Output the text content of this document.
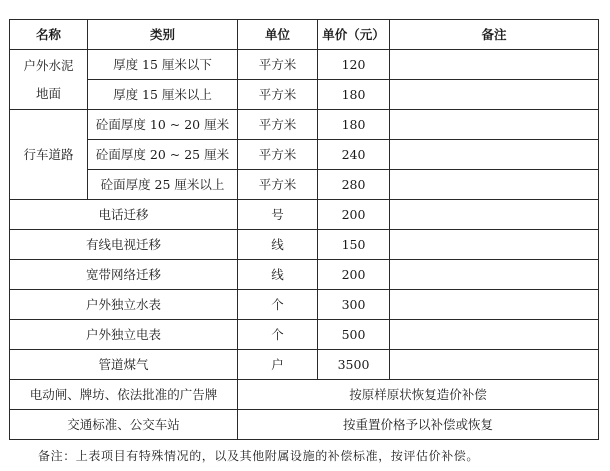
名称	类别	单位	单价（元）	备注
户外水泥地面	厚度 15 厘米以下	平方米	120	
	厚度 15 厘米以上	平方米	180	
行车道路	砼面厚度 10 ~ 20 厘米	平方米	180	
	砼面厚度 20 ~ 25 厘米	平方米	240	
	砼面厚度 25 厘米以上	平方米	280	
电话迁移		号	200	
有线电视迁移		线	150	
宽带网络迁移		线	200	
户外独立水表		个	300	
户外独立电表		个	500	
管道煤气		户	3500	
电动闸、牌坊、依法批准的广告牌		按原样原状恢复造价补偿		
交通标准、公交车站		按重置价格予以补偿或恢复		
备注：上表项目有特殊情况的，以及其他附属设施的补偿标准，按评估价补偿。
